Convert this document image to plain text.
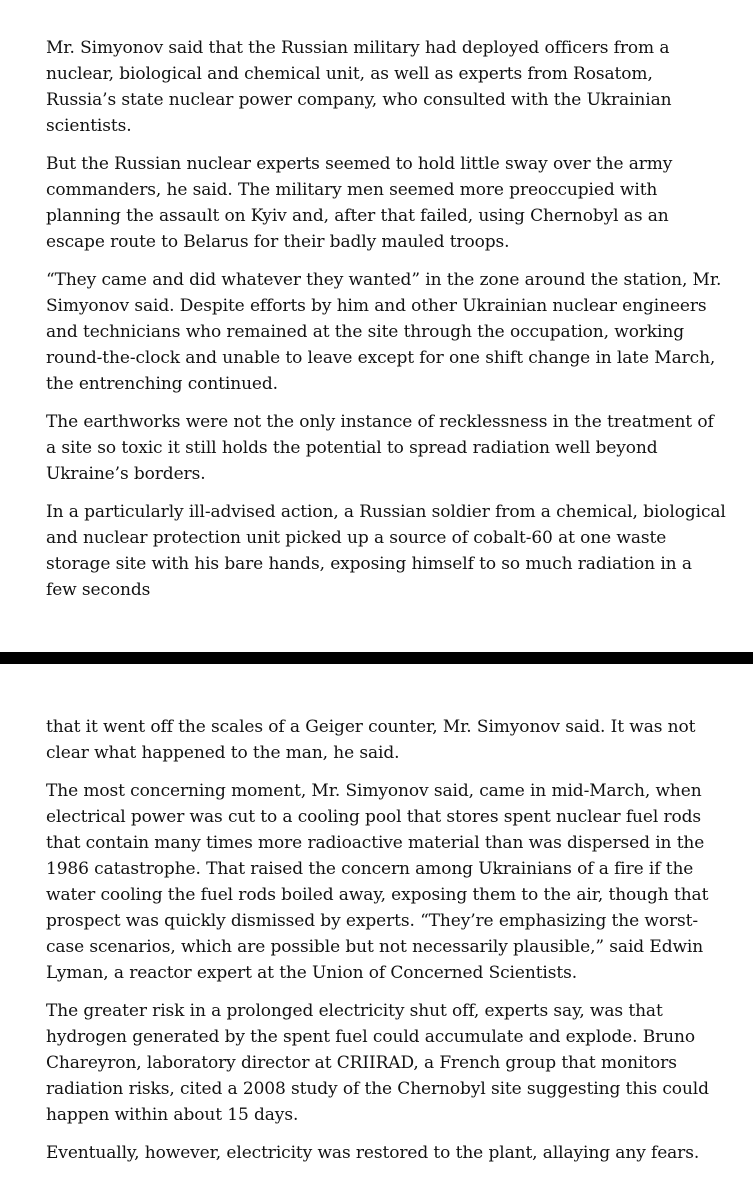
Mr. Simyonov said that the Russian military had deployed officers from a nuclear, biological and chemical unit, as well as experts from Rosatom, Russia’s state nuclear power company, who consulted with the Ukrainian scientists.

But the Russian nuclear experts seemed to hold little sway over the army commanders, he said. The military men seemed more preoccupied with planning the assault on Kyiv and, after that failed, using Chernobyl as an escape route to Belarus for their badly mauled troops.

“They came and did whatever they wanted” in the zone around the station, Mr. Simyonov said. Despite efforts by him and other Ukrainian nuclear engineers and technicians who remained at the site through the occupation, working round-the-clock and unable to leave except for one shift change in late March, the entrenching continued.

The earthworks were not the only instance of recklessness in the treatment of a site so toxic it still holds the potential to spread radiation well beyond Ukraine’s borders.

In a particularly ill-advised action, a Russian soldier from a chemical, biological and nuclear protection unit picked up a source of cobalt-60 at one waste storage site with his bare hands, exposing himself to so much radiation in a few seconds

that it went off the scales of a Geiger counter, Mr. Simyonov said. It was not clear what happened to the man, he said.

The most concerning moment, Mr. Simyonov said, came in mid-March, when electrical power was cut to a cooling pool that stores spent nuclear fuel rods that contain many times more radioactive material than was dispersed in the 1986 catastrophe. That raised the concern among Ukrainians of a fire if the water cooling the fuel rods boiled away, exposing them to the air, though that prospect was quickly dismissed by experts. “They’re emphasizing the worst-case scenarios, which are possible but not necessarily plausible,” said Edwin Lyman, a reactor expert at the Union of Concerned Scientists.

The greater risk in a prolonged electricity shut off, experts say, was that hydrogen generated by the spent fuel could accumulate and explode. Bruno Chareyron, laboratory director at CRIIRAD, a French group that monitors radiation risks, cited a 2008 study of the Chernobyl site suggesting this could happen within about 15 days.

Eventually, however, electricity was restored to the plant, allaying any fears.
